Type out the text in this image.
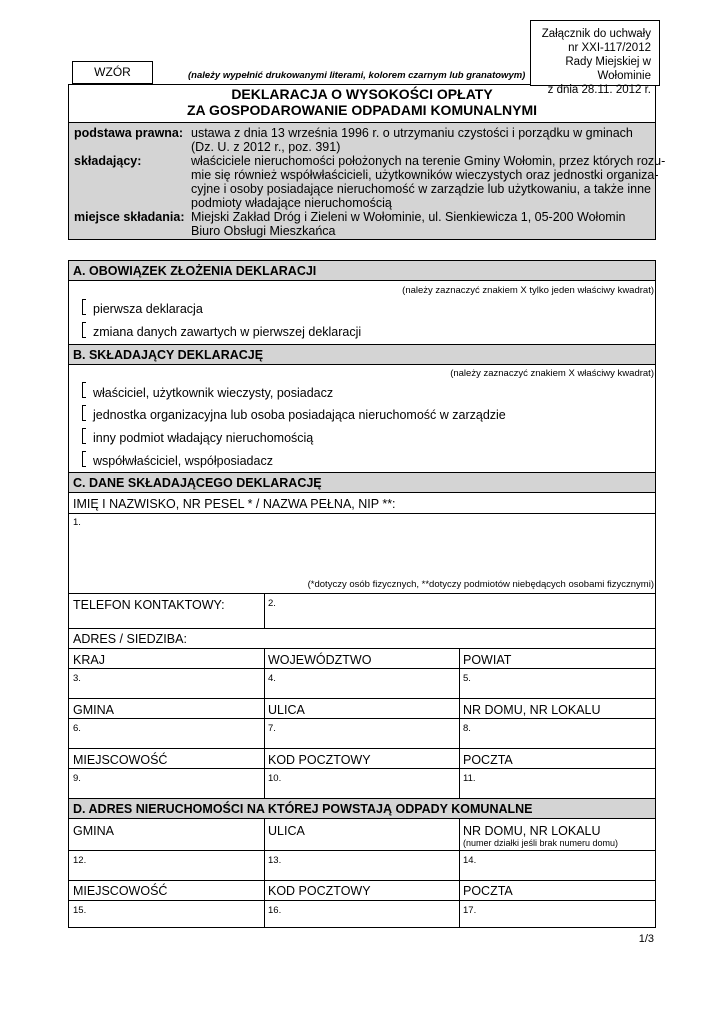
Załącznik do uchwały
nr XXI-117/2012
Rady Miejskiej w Wołominie
z dnia 28.11. 2012 r.
WZÓR	(należy wypełnić drukowanymi literami, kolorem czarnym lub granatowym)
DEKLARACJA O WYSOKOŚCI OPŁATY
ZA GOSPODAROWANIE ODPADAMI KOMUNALNYMI
podstawa prawna: ustawa z dnia 13 września 1996 r. o utrzymaniu czystości i porządku w gminach
(Dz. U. z 2012 r., poz. 391)
składający:	właściciele nieruchomości położonych na terenie Gminy Wołomin, przez których rozu-
mie się również współwłaścicieli, użytkowników wieczystych oraz jednostki organiza-
cyjne i osoby posiadające nieruchomość w zarządzie lub użytkowaniu, a także inne
podmioty władające nieruchomością
miejsce składania: Miejski Zakład Dróg i Zieleni w Wołominie, ul. Sienkiewicza 1, 05-200 Wołomin
Biuro Obsługi Mieszkańca
A. OBOWIĄZEK ZŁOŻENIA DEKLARACJI
(należy zaznaczyć znakiem X tylko jeden właściwy kwadrat)
pierwsza deklaracja
zmiana danych zawartych w pierwszej deklaracji
B. SKŁADAJĄCY DEKLARACJĘ
(należy zaznaczyć znakiem X właściwy kwadrat)
właściciel, użytkownik wieczysty, posiadacz
jednostka organizacyjna lub osoba posiadająca nieruchomość w zarządzie
inny podmiot władający nieruchomością
współwłaściciel, współposiadacz
C. DANE SKŁADAJĄCEGO DEKLARACJĘ
IMIĘ I NAZWISKO, NR PESEL * / NAZWA PEŁNA, NIP **:
1.
(*dotyczy osób fizycznych, **dotyczy podmiotów niebędących osobami fizycznymi)
TELEFON KONTAKTOWY:	2.
ADRES / SIEDZIBA:
KRAJ	WOJEWÓDZTWO	POWIAT
3.	4.	5.
GMINA	ULICA	NR DOMU, NR LOKALU
6.	7.	8.
MIEJSCOWOŚĆ	KOD POCZTOWY	POCZTA
9.	10.	11.
D. ADRES NIERUCHOMOŚCI NA KTÓREJ POWSTAJĄ ODPADY KOMUNALNE
GMINA	ULICA	NR DOMU, NR LOKALU
(numer działki jeśli brak numeru domu)
12.	13.	14.
MIEJSCOWOŚĆ	KOD POCZTOWY	POCZTA
15.	16.	17.
1/3
